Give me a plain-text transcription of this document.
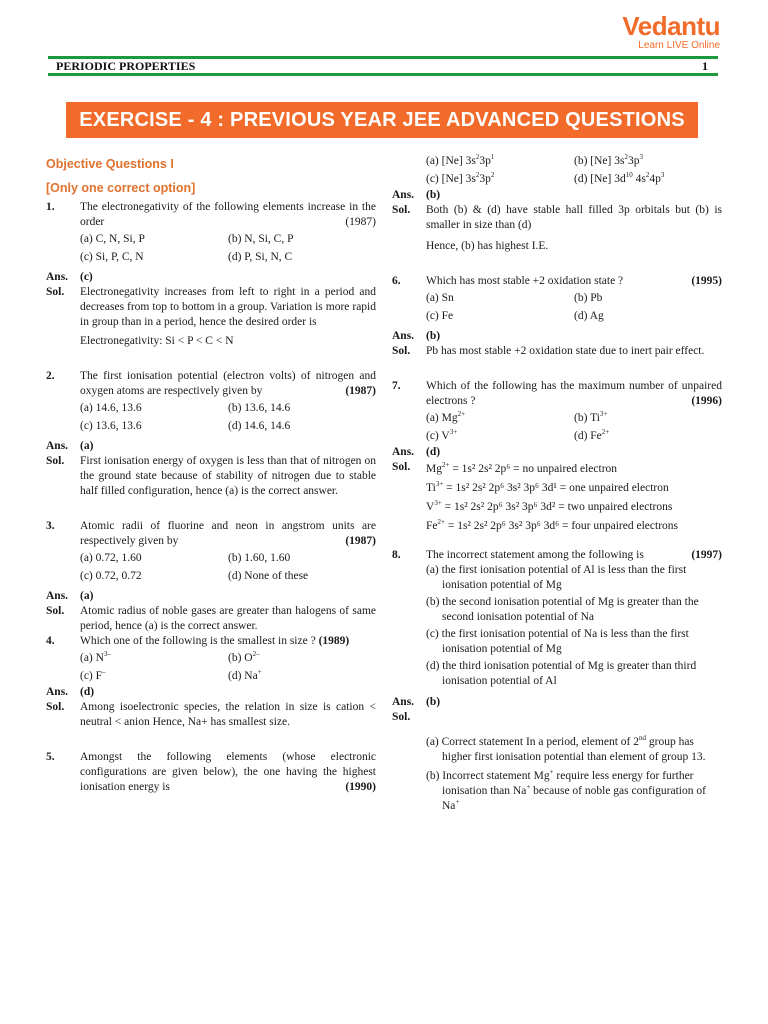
Vedantu
Learn LIVE Online
PERIODIC PROPERTIES	1
EXERCISE - 4 : PREVIOUS YEAR JEE ADVANCED QUESTIONS
Objective Questions I
[Only one correct option]
1.	The electronegativity of the following elements increase in the order	(1987)
(a) C, N, Si, P	(b) N, Si, C, P
(c) Si, P, C, N	(d) P, Si, N, C
Ans.	(c)
Sol.	Electronegativity increases from left to right in a period and decreases from top to bottom in a group. Variation is more rapid in group than in a period, hence the desired order is
Electronegativity: Si < P < C < N
2.	The first ionisation potential (electron volts) of nitrogen and oxygen atoms are respectively given by	(1987)
(a) 14.6, 13.6	(b) 13.6, 14.6
(c) 13.6, 13.6	(d) 14.6, 14.6
Ans.	(a)
Sol.	First ionisation energy of oxygen is less than that of nitrogen on the ground state because of stability of nitrogen due to stable half filled configuration, hence (a) is the correct answer.
3.	Atomic radii of fluorine and neon in angstrom units are respectively given by	(1987)
(a) 0.72, 1.60	(b) 1.60, 1.60
(c) 0.72, 0.72	(d) None of these
Ans.	(a)
Sol.	Atomic radius of noble gases are greater than halogens of same period, hence (a) is the correct answer.
4.	Which one of the following is the smallest in size ? (1989)
(a) $N^{3-}$	(b) $O^{2-}$
(c) F–	(d) Na+
Ans.	(d)
Sol.	Among isoelectronic species, the relation in size is cation < neutral < anion Hence, Na+ has smallest size.
5.	Amongst the following elements (whose electronic configurations are given below), the one having the highest ionisation energy is	(1990)
(a) [Ne] $3s^23p^1$	(b) [Ne] $3s^23p^3$
(c) [Ne] $3s^23p^2$	(d) [Ne] $3d^{10}$ $4s^24p^3$
Ans.	(b)
Sol.	Both (b) & (d) have stable hall filled 3p orbitals but (b) is smaller in size than (d)
Hence, (b) has highest I.E.
6.	Which has most stable +2 oxidation state ?	(1995)
(a) Sn	(b) Pb
(c) Fe	(d) Ag
Ans.	(b)
Sol.	Pb has most stable +2 oxidation state due to inert pair effect.
7.	Which of the following has the maximum number of unpaired electrons ?	(1996)
(a) $Mg^{2+}$	(b) $Ti^{3+}$
(c) $V^{3+}$	(d) $Fe^{2+}$
Ans.	(d)
Sol.	$Mg^{2+} = 1s^2$ 2s² 2p⁶ = no unpaired electron
$Ti^{3+} = 1s^2$ 2s² 2p⁶ 3s² 3p⁶ 3d¹ = one unpaired electron
$V^{3+} = 1s^2$ 2s² 2p⁶ 3s² 3p⁶ 3d² = two unpaired electrons
$Fe^{2+} = 1s^2$ 2s² 2p⁶ 3s² 3p⁶ 3d⁶ = four unpaired electrons
8.	The incorrect statement among the following is	(1997)
(a) the first ionisation potential of Al is less than the first ionisation potential of Mg
(b) the second ionisation potential of Mg is greater than the second ionisation potential of Na
(c) the first ionisation potential of Na is less than the first ionisation potential of Mg
(d) the third ionisation potential of Mg is greater than third ionisation potential of Al
Ans.	(b)
Sol.
(a) Correct statement In a period, element of 2nd group has higher first ionisation potential than element of group 13.
(b) Incorrect statement Mg+ require less energy for further ionisation than Na+ because of noble gas configuration of Na+
